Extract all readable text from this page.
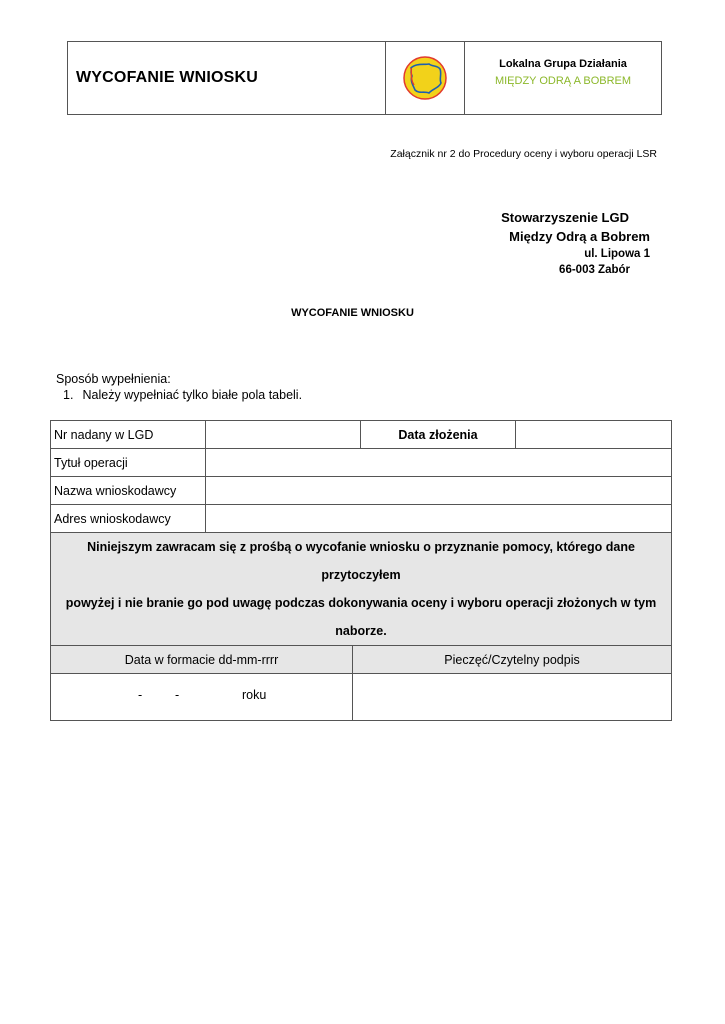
WYCOFANIE WNIOSKU
Lokalna Grupa Działania
MIĘDZY ODRĄ A BOBREM
Załącznik nr 2 do Procedury oceny i wyboru operacji LSR
Stowarzyszenie LGD
Między Odrą a Bobrem
ul. Lipowa 1
66-003 Zabór
WYCOFANIE WNIOSKU
Sposób wypełnienia:
1. Należy wypełniać tylko białe pola tabeli.
Nr nadany w LGD			Data złożenia	
Tytuł operacji				
Nazwa wnioskodawcy				
Adres wnioskodawcy				

Niniejszym zawracam się z prośbą o wycofanie wniosku o przyznanie pomocy, którego dane przytoczyłem
powyżej i nie branie go pod uwagę podczas dokonywania oceny i wyboru operacji złożonych w tym naborze.				

Data w formacie dd-mm-rrrr		Pieczęć/Czytelny podpis		

- - roku				
